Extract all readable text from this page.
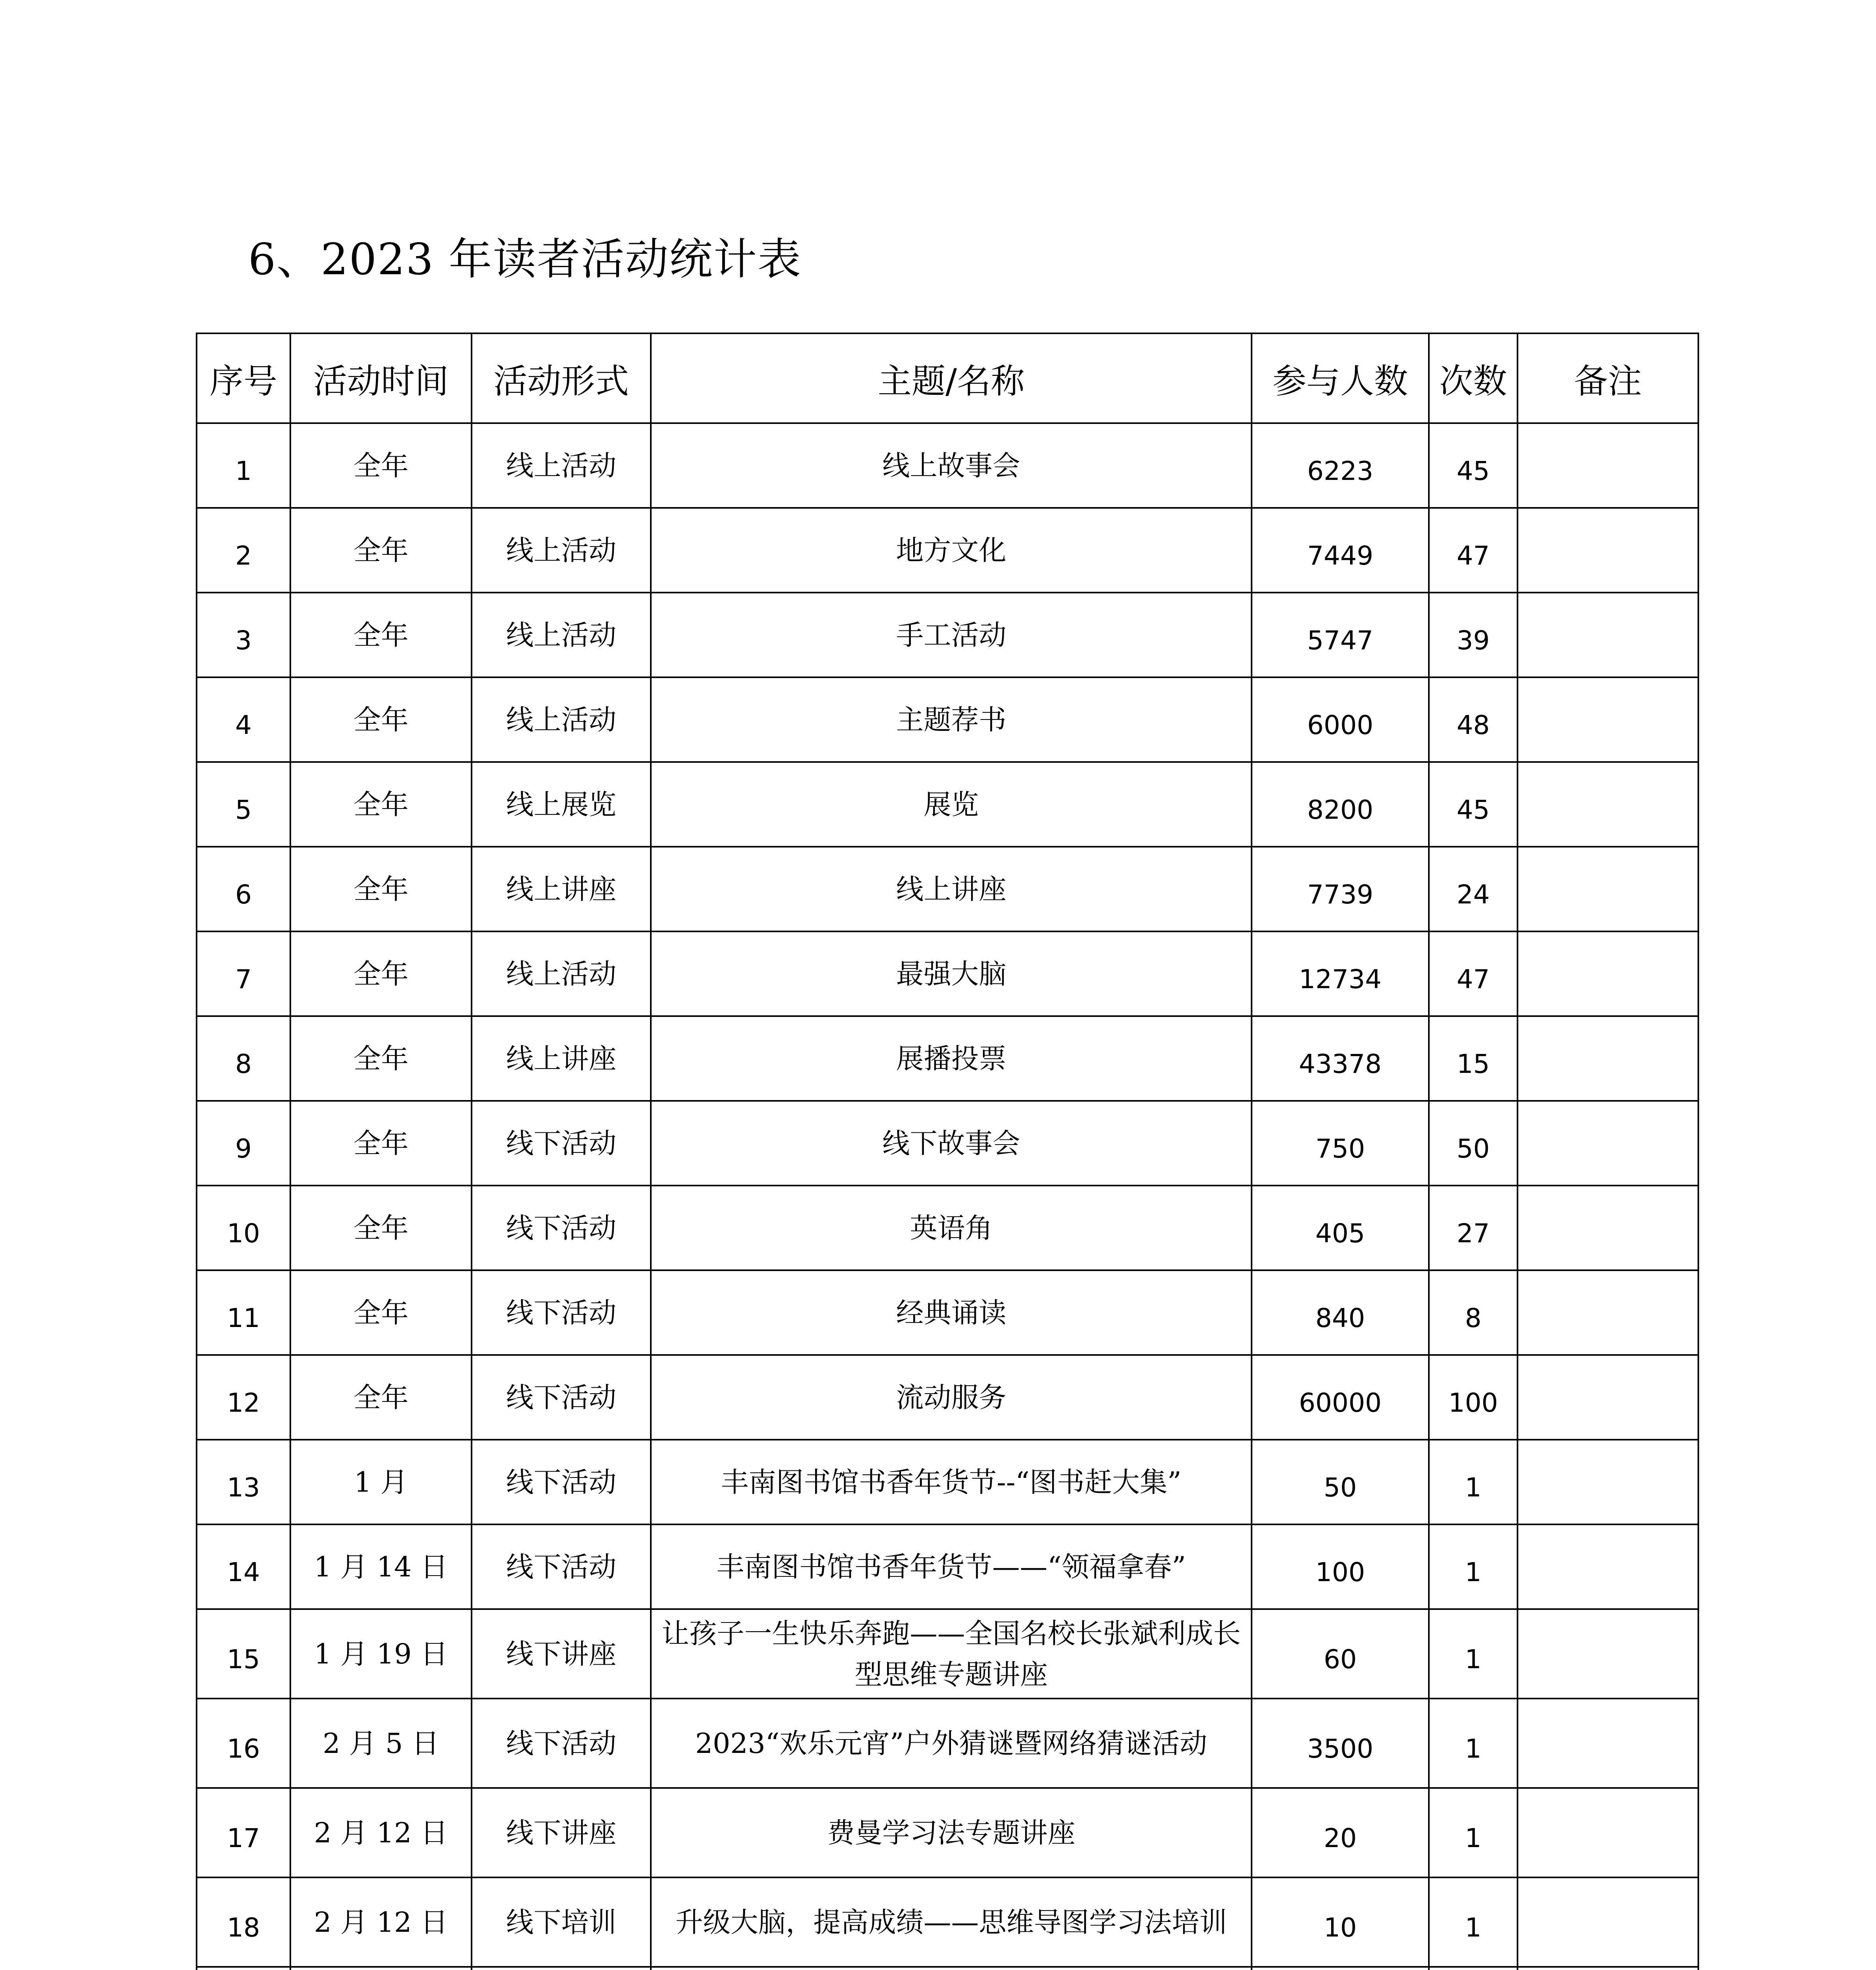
6、2023 年读者活动统计表
序号	活动时间	活动形式	主题/名称	参与人数	次数	备注
1	全年	线上活动	线上故事会	6223	45	
2	全年	线上活动	地方文化	7449	47	
3	全年	线上活动	手工活动	5747	39	
4	全年	线上活动	主题荐书	6000	48	
5	全年	线上展览	展览	8200	45	
6	全年	线上讲座	线上讲座	7739	24	
7	全年	线上活动	最强大脑	12734	47	
8	全年	线上讲座	展播投票	43378	15	
9	全年	线下活动	线下故事会	750	50	
10	全年	线下活动	英语角	405	27	
11	全年	线下活动	经典诵读	840	8	
12	全年	线下活动	流动服务	60000	100	
13	1 月	线下活动	丰南图书馆书香年货节--“图书赶大集”	50	1	
14	1 月 14 日	线下活动	丰南图书馆书香年货节——“领福拿春”	100	1	
15	1 月 19 日	线下讲座	让孩子一生快乐奔跑——全国名校长张斌利成长型思维专题讲座	60	1	
16	2 月 5 日	线下活动	2023“欢乐元宵”户外猜谜暨网络猜谜活动	3500	1	
17	2 月 12 日	线下讲座	费曼学习法专题讲座	20	1	
18	2 月 12 日	线下培训	升级大脑，提高成绩——思维导图学习法培训	10	1	
